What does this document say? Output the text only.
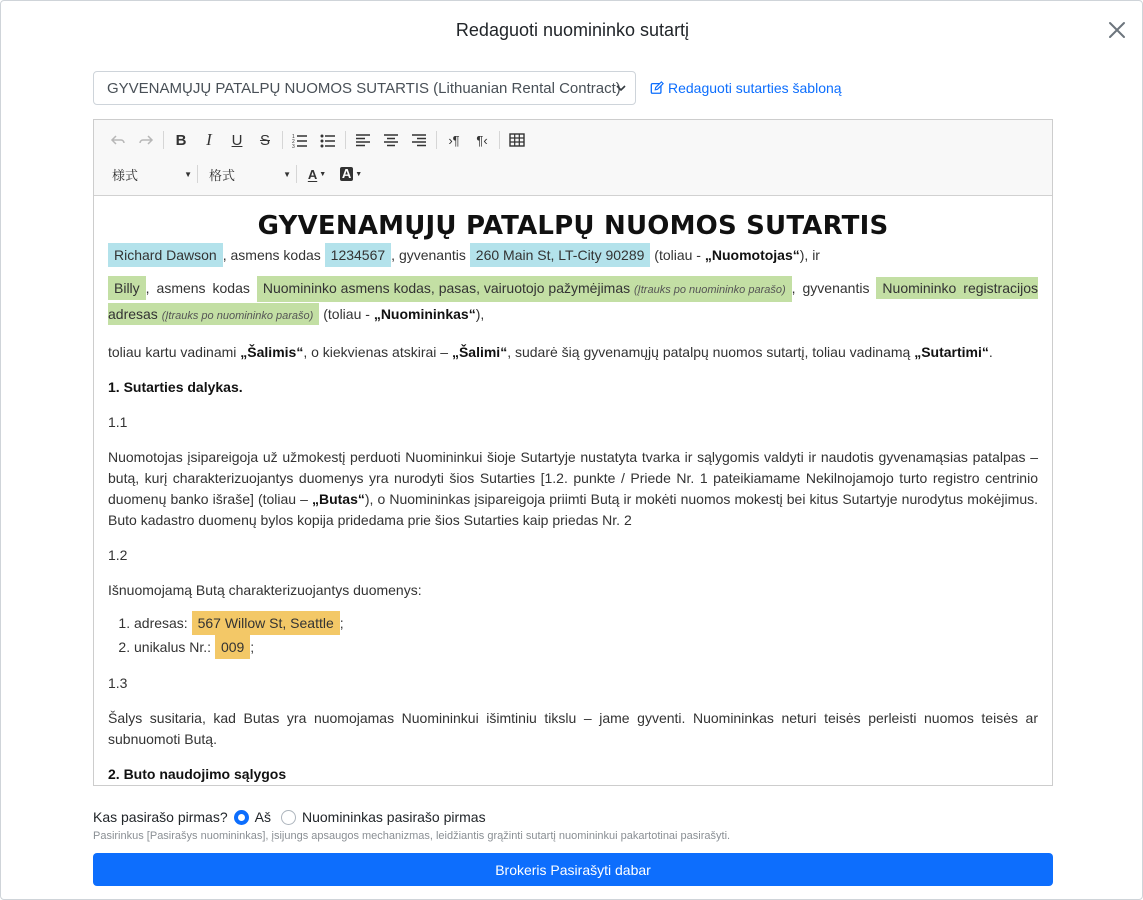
Redaguoti nuomininko sutartį
GYVENAMŲJŲ PATALPŲ NUOMOS SUTARTIS (Lithuanian Rental Contract)	Redaguoti sutarties šabloną
B	I	U	S	1
2
3	›¶	¶‹
様式	▼ 格式	▼ A ▼ A ▼
GYVENAMŲJŲ PATALPŲ NUOMOS SUTARTIS
Richard Dawson , asmens kodas 1234567 , gyvenantis 260 Main St, LT-City 90289 (toliau - „Nuomotojas“), ir
Billy , asmens kodas Nuomininko asmens kodas, pasas, vairuotojo pažymėjimas (Įtrauks po nuomininko parašo) , gyvenantis Nuomininko registracijos adresas (Įtrauks po nuomininko parašo) (toliau - „Nuomininkas“),
toliau kartu vadinami „Šalimis“, o kiekvienas atskirai – „Šalimi“, sudarė šią gyvenamųjų patalpų nuomos sutartį, toliau vadinamą „Sutartimi“.
1. Sutarties dalykas.
1.1
Nuomotojas įsipareigoja už užmokestį perduoti Nuomininkui šioje Sutartyje nustatyta tvarka ir sąlygomis valdyti ir naudotis gyvenamąsias patalpas – butą, kurį charakterizuojantys duomenys yra nurodyti šios Sutarties [1.2. punkte / Priede Nr. 1 pateikiamame Nekilnojamojo turto registro centrinio duomenų banko išraše] (toliau – „Butas“), o Nuomininkas įsipareigoja priimti Butą ir mokėti nuomos mokestį bei kitus Sutartyje nurodytus mokėjimus. Buto kadastro duomenų bylos kopija pridedama prie šios Sutarties kaip priedas Nr. 2
1.2
Išnuomojamą Butą charakterizuojantys duomenys:
1. adresas: 567 Willow St, Seattle ;
2. unikalus Nr.: 009 ;
1.3
Šalys susitaria, kad Butas yra nuomojamas Nuomininkui išimtiniu tikslu – jame gyventi. Nuomininkas neturi teisės perleisti nuomos teisės ar subnuomoti Butą.
2. Buto naudojimo sąlygos
Kas pasirašo pirmas? Aš Nuomininkas pasirašo pirmas
Pasirinkus [Pasirašys nuomininkas], įsijungs apsaugos mechanizmas, leidžiantis grąžinti sutartį nuomininkui pakartotinai pasirašyti.
Brokeris Pasirašyti dabar
